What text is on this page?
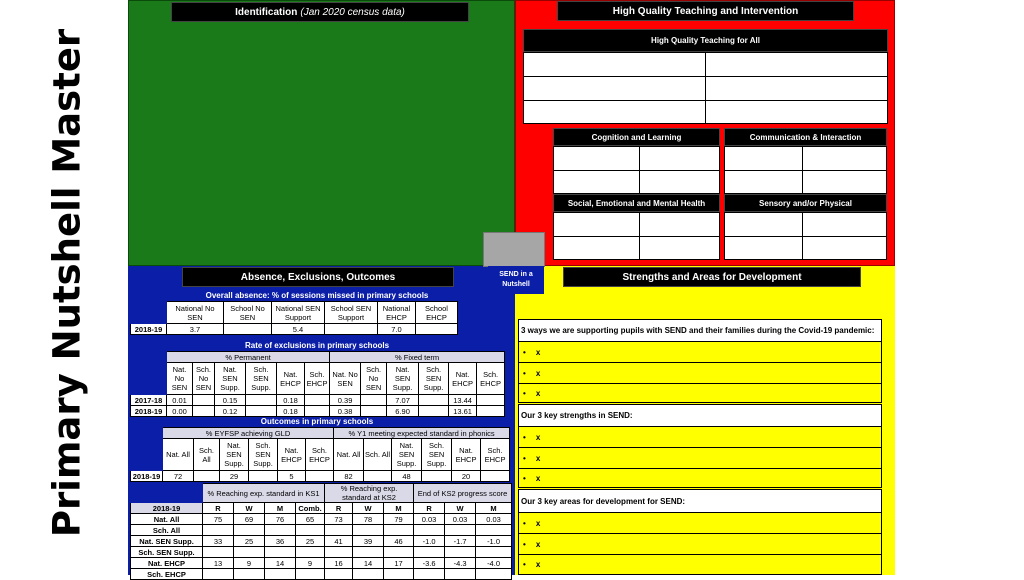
Primary Nutshell Master
Identification (Jan 2020 census data)	High Quality Teaching and Intervention
High Quality Teaching for All
Cognition and Learning	Communication & Interaction
Social, Emotional and Mental Health	Sensory and/or Physical
SEND in a Nutshell
Absence, Exclusions, Outcomes	Strengths and Areas for Development
Overall absence: % of sessions missed in primary schools
	National No SEN	School No SEN	National SEN Support	School SEN Support	National EHCP	School EHCP	
2018-19	3.7		5.4		7.0		
Rate of exclusions in primary schools
	% Permanent						% Fixed term						
	Nat. No SEN	Sch. No SEN	Nat. SEN Supp.	Sch. SEN Supp.	Nat. EHCP	Sch. EHCP	Nat. No SEN	Sch. No SEN	Nat. SEN Supp.	Sch. SEN Supp.	Nat. EHCP	Sch. EHCP	
2017-18	0.01		0.15		0.18		0.39		7.07		13.44		
2018-19	0.00		0.12		0.18		0.38		6.90		13.61		
Outcomes in primary schools
	% EYFSP achieving GLD						% Y1 meeting expected standard in phonics						
	Nat. All	Sch. All	Nat. SEN Supp.	Sch. SEN Supp.	Nat. EHCP	Sch. EHCP	Nat. All	Sch. All	Nat. SEN Supp.	Sch. SEN Supp.	Nat. EHCP	Sch. EHCP	
2018-19	72		29		5		82		48		20		
	% Reaching exp. standard in KS1				% Reaching exp. standard at KS2			End of KS2 progress score		
2018-19	R	W	M	Comb.	R	W	M	R	W	M
Nat. All	75	69	76	65	73	78	79	0.03	0.03	0.03
Sch. All										
Nat. SEN Supp.	33	25	36	25	41	39	46	-1.0	-1.7	-1.0
Sch. SEN Supp.										
Nat. EHCP	13	9	14	9	16	14	17	-3.6	-4.3	-4.0
Sch. EHCP										
3 ways we are supporting pupils with SEND and their families during the Covid-19 pandemic:
• x
• x
• x
Our 3 key strengths in SEND:
• x
• x
• x
Our 3 key areas for development for SEND:
• x
• x
• x
